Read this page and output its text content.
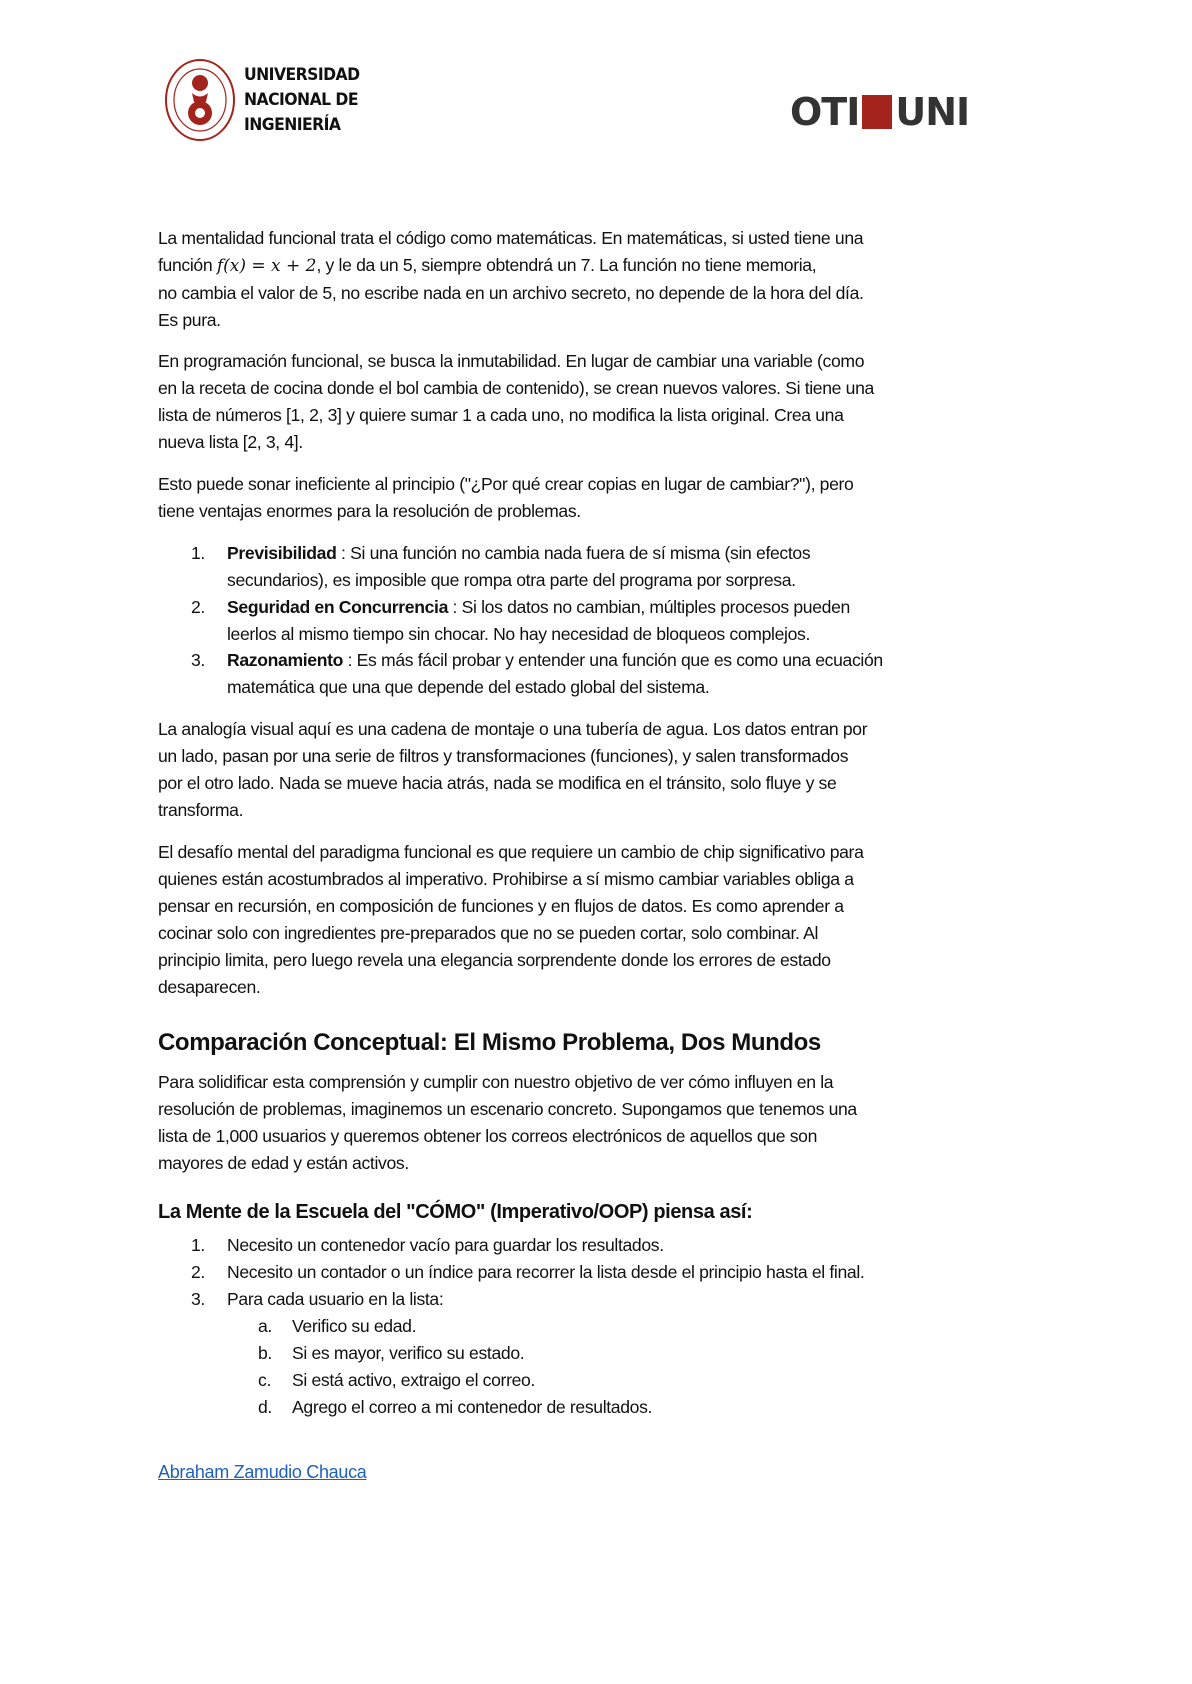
UNIVERSIDAD
NACIONAL DE
INGENIERÍA	OTI UNI
La mentalidad funcional trata el código como matemáticas. En matemáticas, si usted tiene una
función f(x) = x + 2, y le da un 5, siempre obtendrá un 7. La función no tiene memoria,
no cambia el valor de 5, no escribe nada en un archivo secreto, no depende de la hora del día.
Es pura.
En programación funcional, se busca la inmutabilidad. En lugar de cambiar una variable (como
en la receta de cocina donde el bol cambia de contenido), se crean nuevos valores. Si tiene una
lista de números [1, 2, 3] y quiere sumar 1 a cada uno, no modifica la lista original. Crea una
nueva lista [2, 3, 4].
Esto puede sonar ineficiente al principio ("¿Por qué crear copias en lugar de cambiar?"), pero
tiene ventajas enormes para la resolución de problemas.
1. Previsibilidad : Si una función no cambia nada fuera de sí misma (sin efectos
secundarios), es imposible que rompa otra parte del programa por sorpresa.
2. Seguridad en Concurrencia : Si los datos no cambian, múltiples procesos pueden
leerlos al mismo tiempo sin chocar. No hay necesidad de bloqueos complejos.
3. Razonamiento : Es más fácil probar y entender una función que es como una ecuación
matemática que una que depende del estado global del sistema.
La analogía visual aquí es una cadena de montaje o una tubería de agua. Los datos entran por
un lado, pasan por una serie de filtros y transformaciones (funciones), y salen transformados
por el otro lado. Nada se mueve hacia atrás, nada se modifica en el tránsito, solo fluye y se
transforma.
El desafío mental del paradigma funcional es que requiere un cambio de chip significativo para
quienes están acostumbrados al imperativo. Prohibirse a sí mismo cambiar variables obliga a
pensar en recursión, en composición de funciones y en flujos de datos. Es como aprender a
cocinar solo con ingredientes pre-preparados que no se pueden cortar, solo combinar. Al
principio limita, pero luego revela una elegancia sorprendente donde los errores de estado
desaparecen.
Para solidificar esta comprensión y cumplir con nuestro objetivo de ver cómo influyen en la
resolución de problemas, imaginemos un escenario concreto. Supongamos que tenemos una
lista de 1,000 usuarios y queremos obtener los correos electrónicos de aquellos que son
mayores de edad y están activos.
1. Necesito un contenedor vacío para guardar los resultados.
2. Necesito un contador o un índice para recorrer la lista desde el principio hasta el final.
3. Para cada usuario en la lista:
a. Verifico su edad.
b. Si es mayor, verifico su estado.
c. Si está activo, extraigo el correo.
d. Agrego el correo a mi contenedor de resultados.
Comparación Conceptual: El Mismo Problema, Dos Mundos
La Mente de la Escuela del "CÓMO" (Imperativo/OOP) piensa así:
Abraham Zamudio Chauca
